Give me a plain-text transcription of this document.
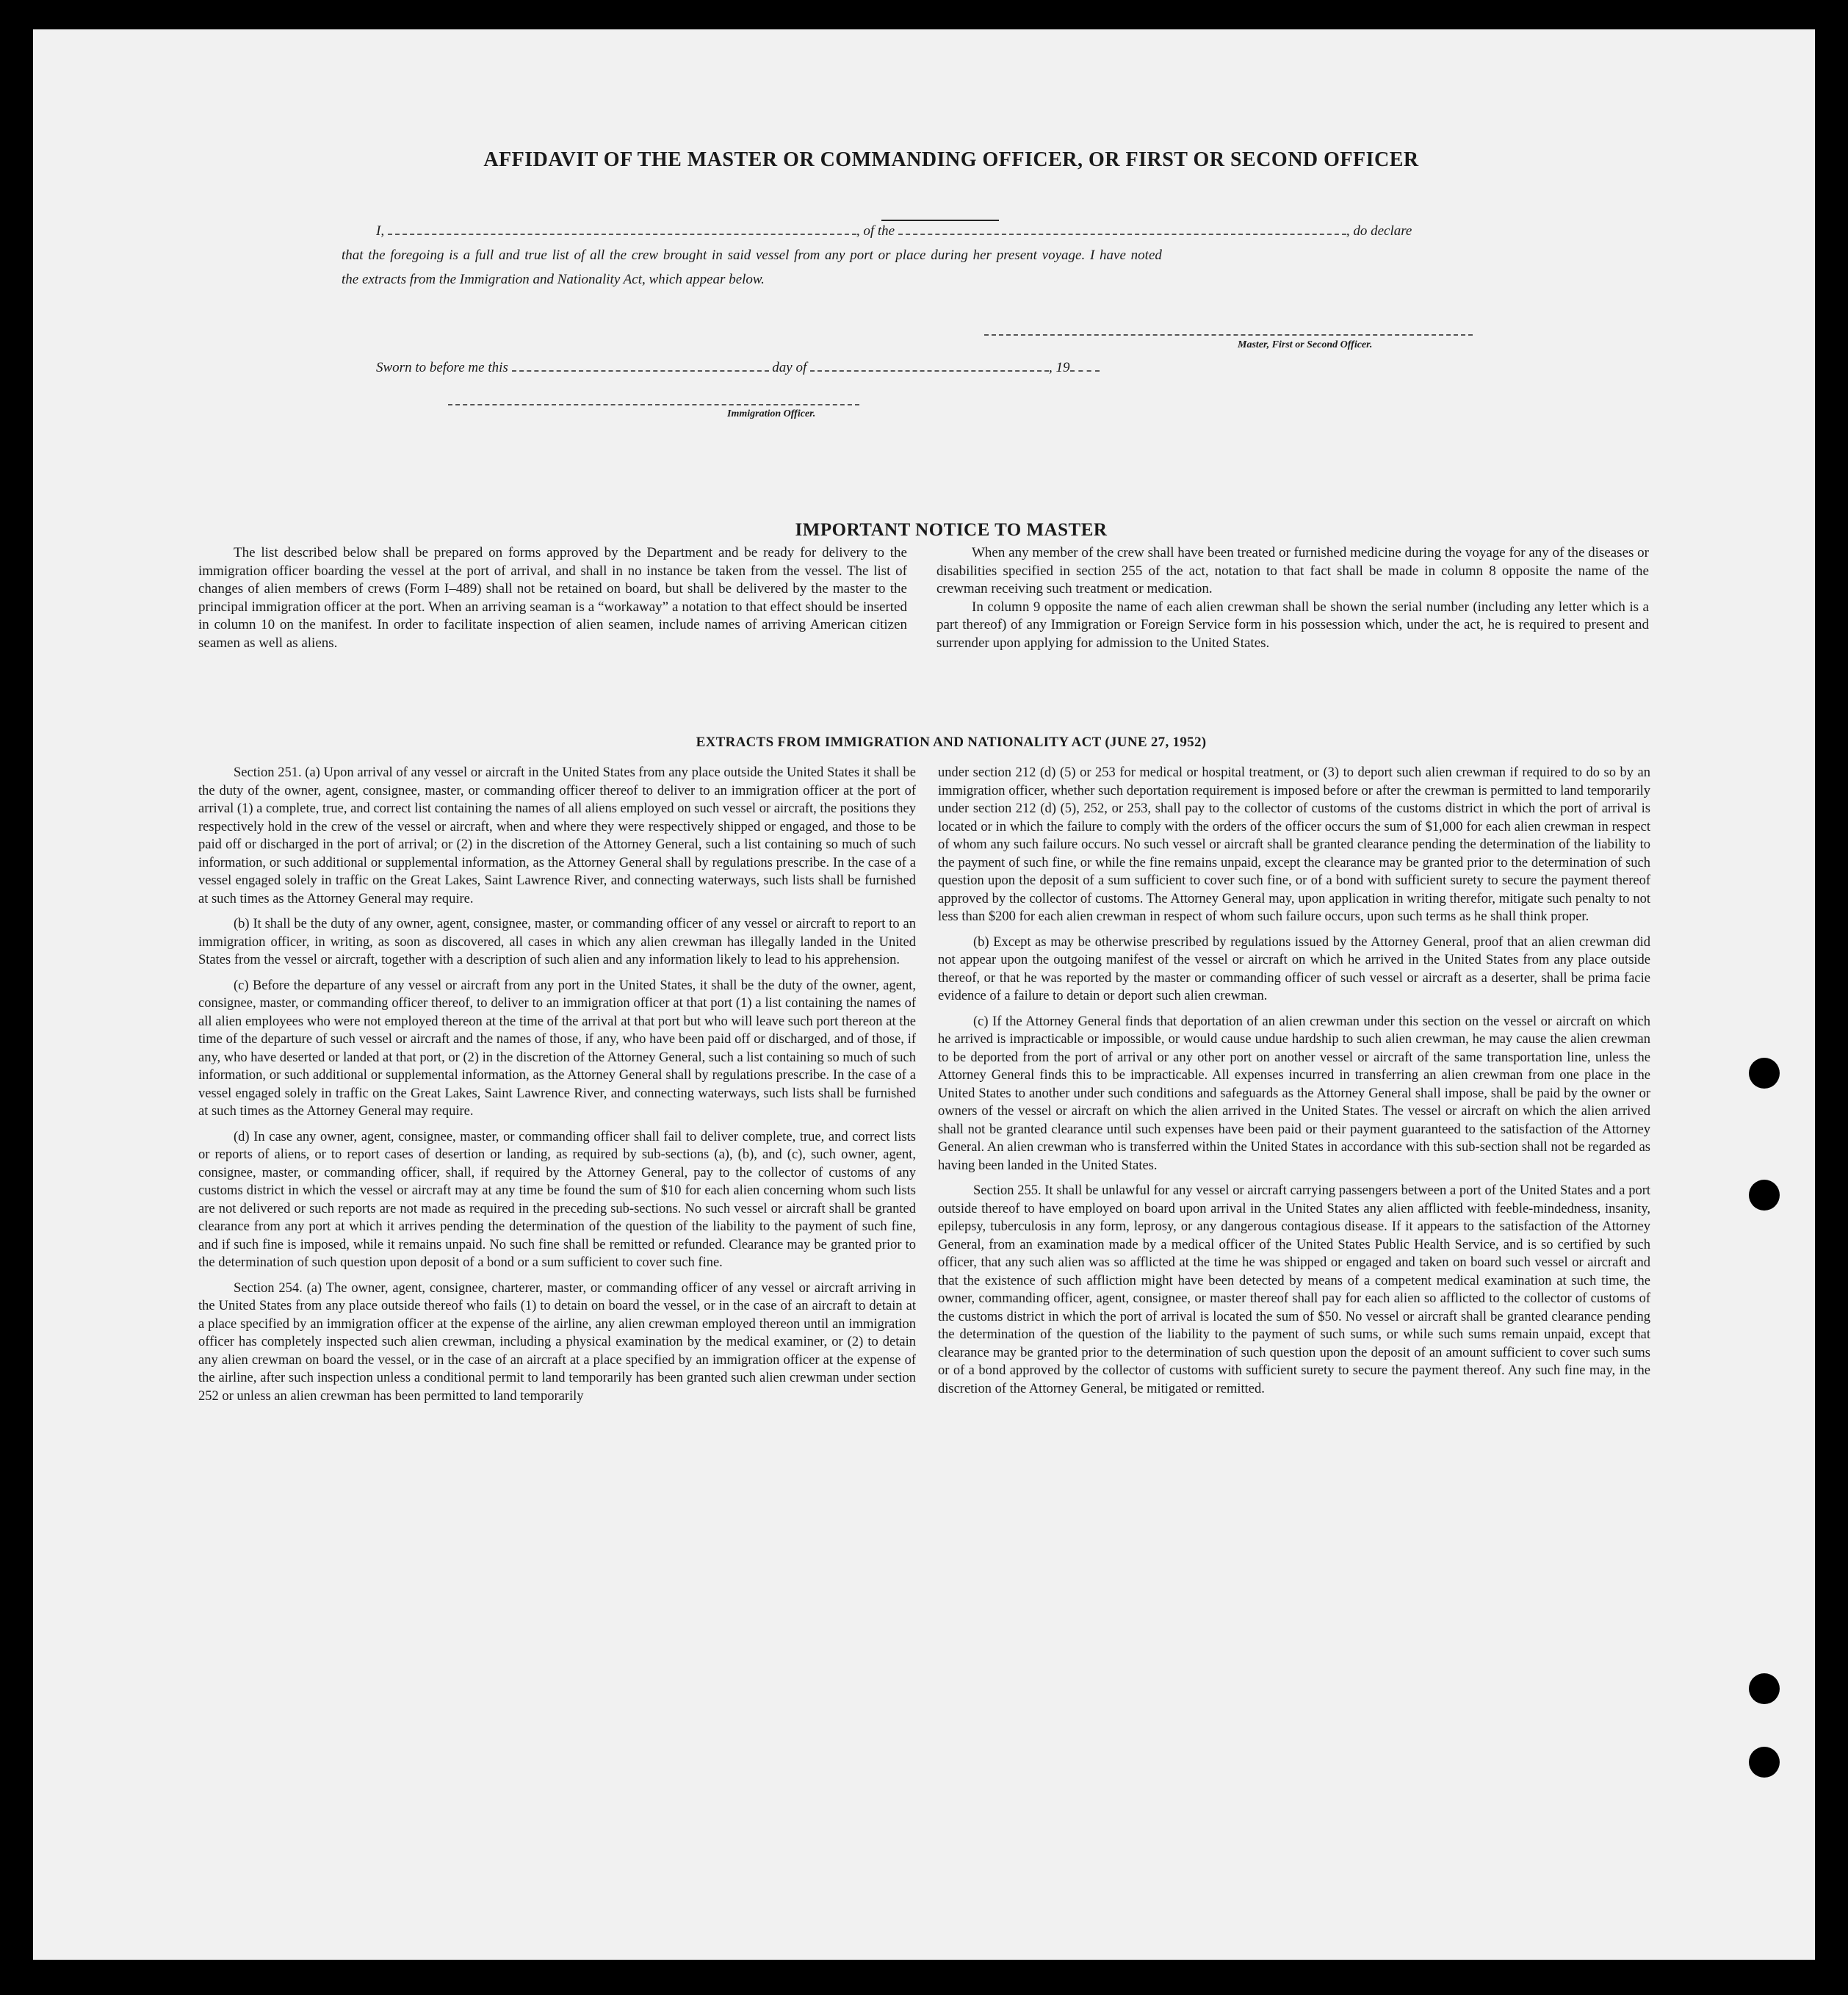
AFFIDAVIT OF THE MASTER OR COMMANDING OFFICER, OR FIRST OR SECOND OFFICER
I,	, of the	, do declare
that the foregoing is a full and true list of all the crew brought in said vessel from any port or place during her present voyage. I have noted
the extracts from the Immigration and Nationality Act, which appear below.
Master, First or Second Officer.
Sworn to before me this	day of	, 19
Immigration Officer.
IMPORTANT NOTICE TO MASTER

The list described below shall be prepared on forms approved by the Department and be ready for delivery to the immigration officer boarding the vessel at the port of arrival, and shall in no instance be taken from the vessel. The list of changes of alien members of crews (Form I–489) shall not be retained on board, but shall be delivered by the master to the principal immigration officer at the port. When an arriving seaman is a “workaway” a notation to that effect should be inserted in column 10 on the manifest. In order to facilitate inspection of alien seamen, include names of arriving American citizen seamen as well as aliens.

When any member of the crew shall have been treated or furnished medicine during the voyage for any of the diseases or disabilities specified in section 255 of the act, notation to that fact shall be made in column 8 opposite the name of the crewman receiving such treatment or medication.

In column 9 opposite the name of each alien crewman shall be shown the serial number (including any letter which is a part thereof) of any Immigration or Foreign Service form in his possession which, under the act, he is required to present and surrender upon applying for admission to the United States.

EXTRACTS FROM IMMIGRATION AND NATIONALITY ACT (JUNE 27, 1952)

Section 251. (a) Upon arrival of any vessel or aircraft in the United States from any place outside the United States it shall be the duty of the owner, agent, consignee, master, or commanding officer thereof to deliver to an immigration officer at the port of arrival (1) a complete, true, and correct list containing the names of all aliens employed on such vessel or aircraft, the positions they respectively hold in the crew of the vessel or aircraft, when and where they were respectively shipped or engaged, and those to be paid off or discharged in the port of arrival; or (2) in the discretion of the Attorney General, such a list containing so much of such information, or such additional or supplemental information, as the Attorney General shall by regulations prescribe. In the case of a vessel engaged solely in traffic on the Great Lakes, Saint Lawrence River, and connecting waterways, such lists shall be furnished at such times as the Attorney General may require.

(b) It shall be the duty of any owner, agent, consignee, master, or commanding officer of any vessel or aircraft to report to an immigration officer, in writing, as soon as discovered, all cases in which any alien crewman has illegally landed in the United States from the vessel or aircraft, together with a description of such alien and any information likely to lead to his apprehension.

(c) Before the departure of any vessel or aircraft from any port in the United States, it shall be the duty of the owner, agent, consignee, master, or commanding officer thereof, to deliver to an immigration officer at that port (1) a list containing the names of all alien employees who were not employed thereon at the time of the arrival at that port but who will leave such port thereon at the time of the departure of such vessel or aircraft and the names of those, if any, who have been paid off or discharged, and of those, if any, who have deserted or landed at that port, or (2) in the discretion of the Attorney General, such a list containing so much of such information, or such additional or supplemental information, as the Attorney General shall by regulations prescribe. In the case of a vessel engaged solely in traffic on the Great Lakes, Saint Lawrence River, and connecting waterways, such lists shall be furnished at such times as the Attorney General may require.

(d) In case any owner, agent, consignee, master, or commanding officer shall fail to deliver complete, true, and correct lists or reports of aliens, or to report cases of desertion or landing, as required by sub-sections (a), (b), and (c), such owner, agent, consignee, master, or commanding officer, shall, if required by the Attorney General, pay to the collector of customs of any customs district in which the vessel or aircraft may at any time be found the sum of $10 for each alien concerning whom such lists are not delivered or such reports are not made as required in the preceding sub-sections. No such vessel or aircraft shall be granted clearance from any port at which it arrives pending the determination of the question of the liability to the payment of such fine, and if such fine is imposed, while it remains unpaid. No such fine shall be remitted or refunded. Clearance may be granted prior to the determination of such question upon deposit of a bond or a sum sufficient to cover such fine.

Section 254. (a) The owner, agent, consignee, charterer, master, or commanding officer of any vessel or aircraft arriving in the United States from any place outside thereof who fails (1) to detain on board the vessel, or in the case of an aircraft to detain at a place specified by an immigration officer at the expense of the airline, any alien crewman employed thereon until an immigration officer has completely inspected such alien crewman, including a physical examination by the medical examiner, or (2) to detain any alien crewman on board the vessel, or in the case of an aircraft at a place specified by an immigration officer at the expense of the airline, after such inspection unless a conditional permit to land temporarily has been granted such alien crewman under section 252 or unless an alien crewman has been permitted to land temporarily

under section 212 (d) (5) or 253 for medical or hospital treatment, or (3) to deport such alien crewman if required to do so by an immigration officer, whether such deportation requirement is imposed before or after the crewman is permitted to land temporarily under section 212 (d) (5), 252, or 253, shall pay to the collector of customs of the customs district in which the port of arrival is located or in which the failure to comply with the orders of the officer occurs the sum of $1,000 for each alien crewman in respect of whom any such failure occurs. No such vessel or aircraft shall be granted clearance pending the determination of the liability to the payment of such fine, or while the fine remains unpaid, except the clearance may be granted prior to the determination of such question upon the deposit of a sum sufficient to cover such fine, or of a bond with sufficient surety to secure the payment thereof approved by the collector of customs. The Attorney General may, upon application in writing therefor, mitigate such penalty to not less than $200 for each alien crewman in respect of whom such failure occurs, upon such terms as he shall think proper.

(b) Except as may be otherwise prescribed by regulations issued by the Attorney General, proof that an alien crewman did not appear upon the outgoing manifest of the vessel or aircraft on which he arrived in the United States from any place outside thereof, or that he was reported by the master or commanding officer of such vessel or aircraft as a deserter, shall be prima facie evidence of a failure to detain or deport such alien crewman.

(c) If the Attorney General finds that deportation of an alien crewman under this section on the vessel or aircraft on which he arrived is impracticable or impossible, or would cause undue hardship to such alien crewman, he may cause the alien crewman to be deported from the port of arrival or any other port on another vessel or aircraft of the same transportation line, unless the Attorney General finds this to be impracticable. All expenses incurred in transferring an alien crewman from one place in the United States to another under such conditions and safeguards as the Attorney General shall impose, shall be paid by the owner or owners of the vessel or aircraft on which the alien arrived in the United States. The vessel or aircraft on which the alien arrived shall not be granted clearance until such expenses have been paid or their payment guaranteed to the satisfaction of the Attorney General. An alien crewman who is transferred within the United States in accordance with this sub-section shall not be regarded as having been landed in the United States.

Section 255. It shall be unlawful for any vessel or aircraft carrying passengers between a port of the United States and a port outside thereof to have employed on board upon arrival in the United States any alien afflicted with feeble-mindedness, insanity, epilepsy, tuberculosis in any form, leprosy, or any dangerous contagious disease. If it appears to the satisfaction of the Attorney General, from an examination made by a medical officer of the United States Public Health Service, and is so certified by such officer, that any such alien was so afflicted at the time he was shipped or engaged and taken on board such vessel or aircraft and that the existence of such affliction might have been detected by means of a competent medical examination at such time, the owner, commanding officer, agent, consignee, or master thereof shall pay for each alien so afflicted to the collector of customs of the customs district in which the port of arrival is located the sum of $50. No vessel or aircraft shall be granted clearance pending the determination of the question of the liability to the payment of such sums, or while such sums remain unpaid, except that clearance may be granted prior to the determination of such question upon the deposit of an amount sufficient to cover such sums or of a bond approved by the collector of customs with sufficient surety to secure the payment thereof. Any such fine may, in the discretion of the Attorney General, be mitigated or remitted.
